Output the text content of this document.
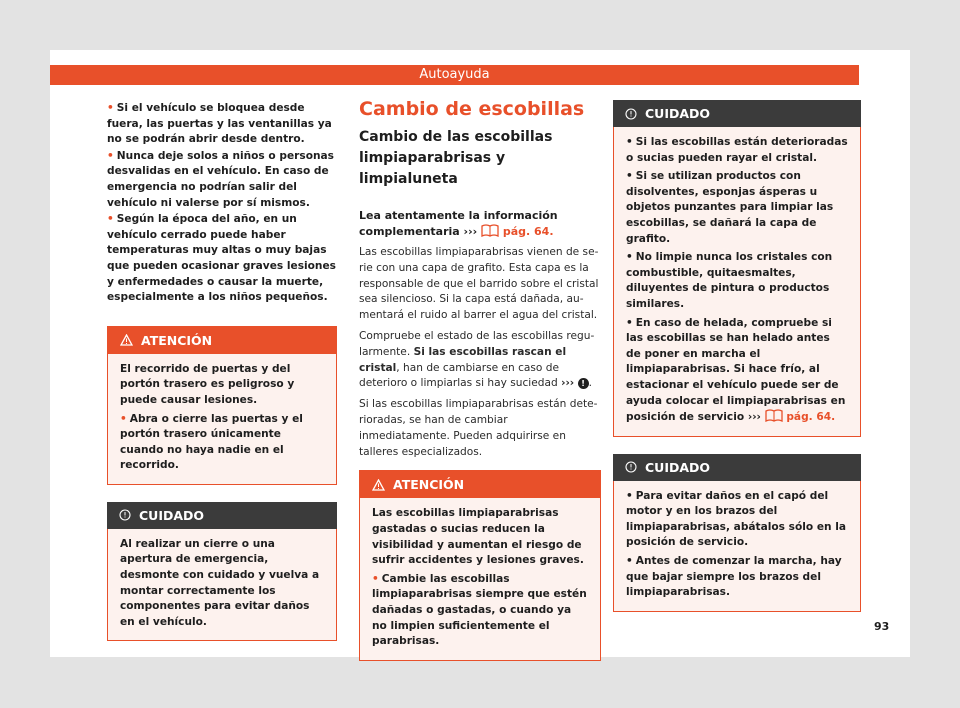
Autoayuda

• Si el vehículo se bloquea desde fuera, las puertas y las ventanillas ya no se podrán abrir desde dentro.

• Nunca deje solos a niños o personas desvalidas en el vehículo. En caso de emergencia no podrían salir del vehículo ni valerse por sí mismos.

• Según la época del año, en un vehículo cerrado puede haber temperaturas muy altas o muy bajas que pueden ocasionar graves lesiones y enfermedades o causar la muerte, especialmente a los niños pequeños.

ATENCIÓN

El recorrido de puertas y del portón trasero es peligroso y puede causar lesiones.

• Abra o cierre las puertas y el portón trasero únicamente cuando no haya nadie en el recorrido.

CUIDADO

Al realizar un cierre o una apertura de emergencia, desmonte con cuidado y vuelva a montar correctamente los componentes para evitar daños en el vehículo.

Cambio de escobillas
Cambio de las escobillas limpiaparabrisas y limpialuneta

Lea atentamente la información complementaria ››› pág. 64.

Las escobillas limpiaparabrisas vienen de serie con una capa de grafito. Esta capa es la responsable de que el barrido sobre el cristal sea silencioso. Si la capa está dañada, aumentará el ruido al barrer el agua del cristal.

Compruebe el estado de las escobillas regularmente. Si las escobillas rascan el cristal, han de cambiarse en caso de deterioro o limpiarlas si hay suciedad ››› ! .

Si las escobillas limpiaparabrisas están deterioradas, se han de cambiar inmediatamente. Pueden adquirirse en talleres especializados.

ATENCIÓN

Las escobillas limpiaparabrisas gastadas o sucias reducen la visibilidad y aumentan el riesgo de sufrir accidentes y lesiones graves.

• Cambie las escobillas limpiaparabrisas siempre que estén dañadas o gastadas, o cuando ya no limpien suficientemente el parabrisas.

CUIDADO

• Si las escobillas están deterioradas o sucias pueden rayar el cristal.

• Si se utilizan productos con disolventes, esponjas ásperas u objetos punzantes para limpiar las escobillas, se dañará la capa de grafito.

• No limpie nunca los cristales con combustible, quitaesmaltes, diluyentes de pintura o productos similares.

• En caso de helada, compruebe si las escobillas se han helado antes de poner en marcha el limpiaparabrisas. Si hace frío, al estacionar el vehículo puede ser de ayuda colocar el limpiaparabrisas en posición de servicio ››› pág. 64.

CUIDADO

• Para evitar daños en el capó del motor y en los brazos del limpiaparabrisas, abátalos sólo en la posición de servicio.

• Antes de comenzar la marcha, hay que bajar siempre los brazos del limpiaparabrisas.

93
